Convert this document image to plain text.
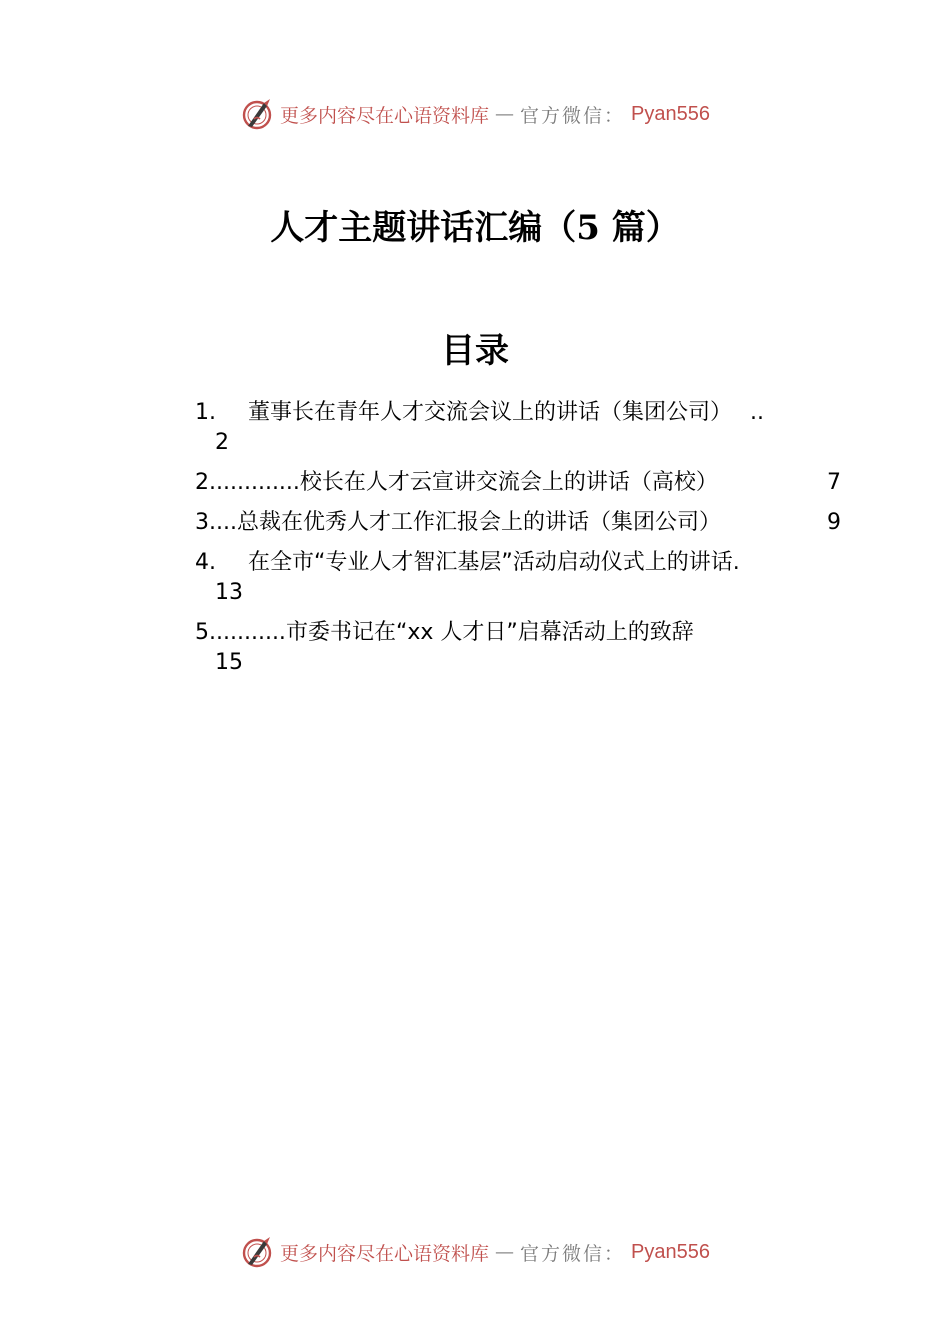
更多内容尽在心语资料库 — 官方微信： Pyan556
人才主题讲话汇编（5 篇）
目录
1. 董事长在青年人才交流会议上的讲话（集团公司） ..
2
2 ............. 校长在人才云宣讲交流会上的讲话（高校）	7
3 .... 总裁在优秀人才工作汇报会上的讲话（集团公司）	9
4. 在全市“专业人才智汇基层”活动启动仪式上的讲话 .
13
5 ........... 市委书记在“xx 人才日”启幕活动上的致辞
15
更多内容尽在心语资料库 — 官方微信： Pyan556
